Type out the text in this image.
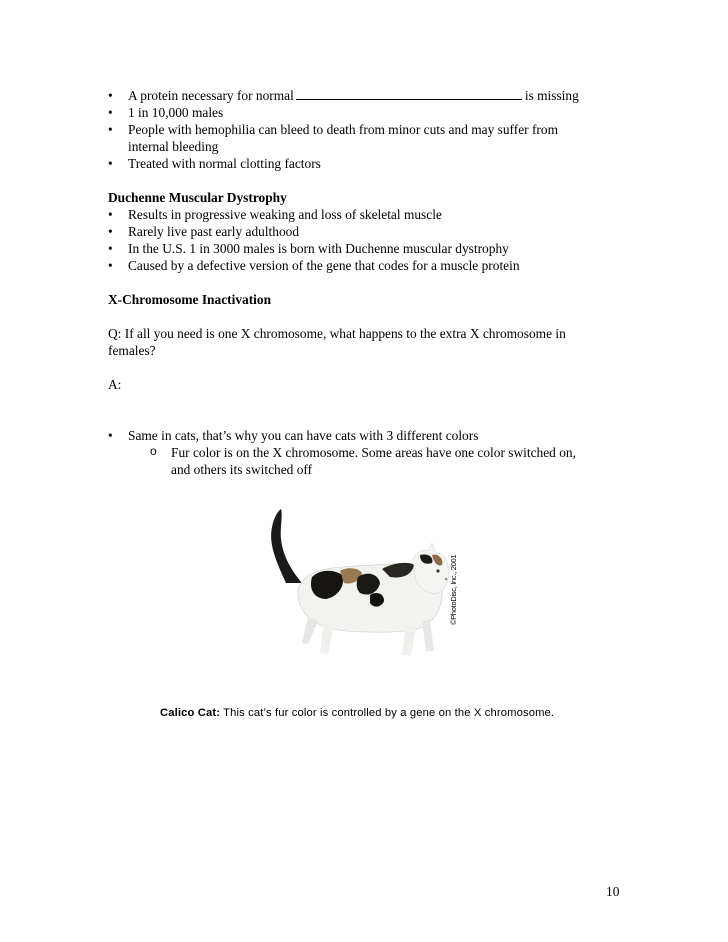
• A protein necessary for normal	is missing
• 1 in 10,000 males
• People with hemophilia can bleed to death from minor cuts and may suffer from
internal bleeding
• Treated with normal clotting factors
Duchenne Muscular Dystrophy
• Results in progressive weaking and loss of skeletal muscle
• Rarely live past early adulthood
• In the U.S. 1 in 3000 males is born with Duchenne muscular dystrophy
• Caused by a defective version of the gene that codes for a muscle protein
X-Chromosome Inactivation
Q: If all you need is one X chromosome, what happens to the extra X chromosome in
females?
A:
• Same in cats, that’s why you can have cats with 3 different colors
o Fur color is on the X chromosome. Some areas have one color switched on,
and others its switched off
©PhotoDisc, Inc., 2001
Calico Cat: This cat’s fur color is controlled by a gene on the X chromosome.
10
